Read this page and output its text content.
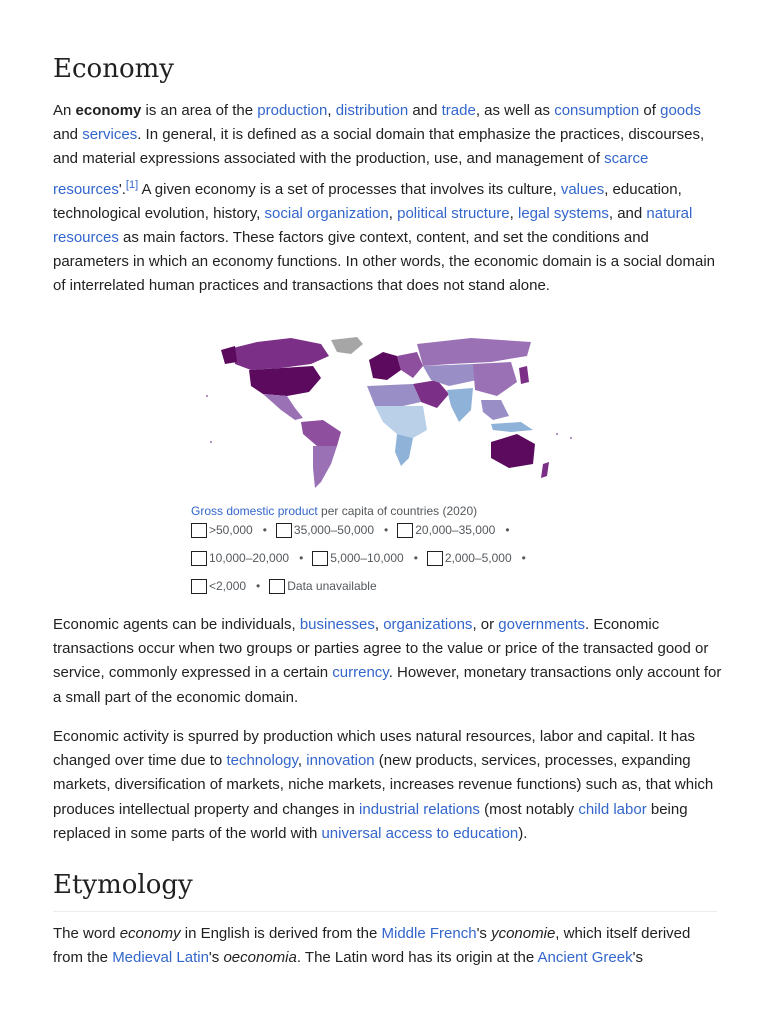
Economy

An economy is an area of the production, distribution and trade, as well as consumption of goods and services. In general, it is defined as a social domain that emphasize the practices, discourses, and material expressions associated with the production, use, and management of scarce resources'.[1] A given economy is a set of processes that involves its culture, values, education, technological evolution, history, social organization, political structure, legal systems, and natural resources as main factors. These factors give context, content, and set the conditions and parameters in which an economy functions. In other words, the economic domain is a social domain of interrelated human practices and transactions that does not stand alone.

Gross domestic product per capita of countries (2020)
>50,000 • 35,000–50,000 • 20,000–35,000 •
10,000–20,000 • 5,000–10,000 • 2,000–5,000 •
<2,000 • Data unavailable

Economic agents can be individuals, businesses, organizations, or governments. Economic transactions occur when two groups or parties agree to the value or price of the transacted good or service, commonly expressed in a certain currency. However, monetary transactions only account for a small part of the economic domain.

Economic activity is spurred by production which uses natural resources, labor and capital. It has changed over time due to technology, innovation (new products, services, processes, expanding markets, diversification of markets, niche markets, increases revenue functions) such as, that which produces intellectual property and changes in industrial relations (most notably child labor being replaced in some parts of the world with universal access to education).

Etymology

The word economy in English is derived from the Middle French's yconomie, which itself derived from the Medieval Latin's oeconomia. The Latin word has its origin at the Ancient Greek's
